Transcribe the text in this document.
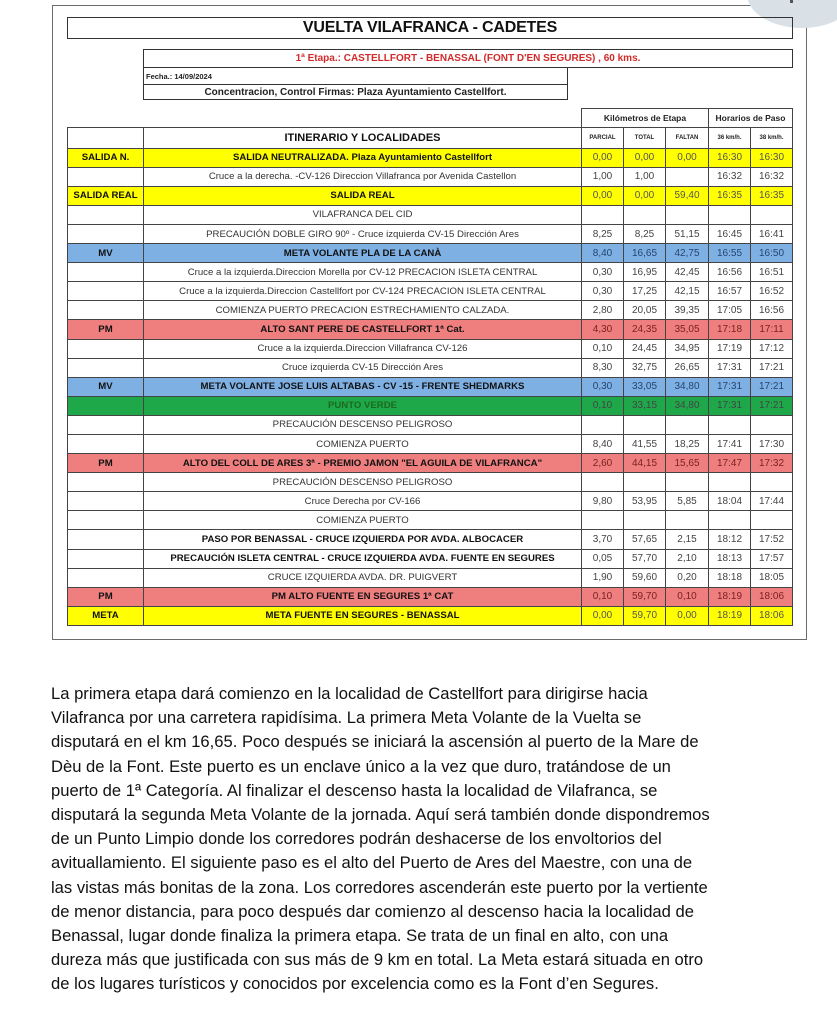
VUELTA VILAFRANCA - CADETES
1ª Etapa.: CASTELLFORT - BENASSAL (FONT D'EN SEGURES) , 60 kms.
Fecha.: 14/09/2024
Concentracion, Control Firmas: Plaza Ayuntamiento Castellfort.
		Kilómetros de Etapa			Horarios de Paso	
	ITINERARIO Y LOCALIDADES	PARCIAL	TOTAL	FALTAN	36 km/h.	38 km/h.
SALIDA N.	SALIDA NEUTRALIZADA. Plaza Ayuntamiento Castellfort	0,00	0,00	0,00	16:30	16:30
	Cruce a la derecha. -CV-126 Direccion Villafranca por Avenida Castellon	1,00	1,00		16:32	16:32
SALIDA REAL	SALIDA REAL	0,00	0,00	59,40	16:35	16:35
	VILAFRANCA DEL CID					
	PRECAUCIÓN DOBLE GIRO 90º - Cruce izquierda CV-15 Dirección Ares	8,25	8,25	51,15	16:45	16:41
MV	META VOLANTE PLA DE LA CANÀ	8,40	16,65	42,75	16:55	16:50
	Cruce a la izquierda.Direccion Morella por CV-12 PRECACION ISLETA CENTRAL	0,30	16,95	42,45	16:56	16:51
	Cruce a la izquierda.Direccion Castellfort por CV-124 PRECACION ISLETA CENTRAL	0,30	17,25	42,15	16:57	16:52
	COMIENZA PUERTO PRECACION ESTRECHAMIENTO CALZADA.	2,80	20,05	39,35	17:05	16:56
PM	ALTO SANT PERE DE CASTELLFORT 1ª Cat.	4,30	24,35	35,05	17:18	17:11
	Cruce a la izquierda.Direccion Villafranca CV-126	0,10	24,45	34,95	17:19	17:12
	Cruce izquierda CV-15 Dirección Ares	8,30	32,75	26,65	17:31	17:21
MV	META VOLANTE JOSE LUIS ALTABAS - CV -15 - FRENTE SHEDMARKS	0,30	33,05	34,80	17:31	17:21
	PUNTO VERDE	0,10	33,15	34,80	17:31	17:21
	PRECAUCIÓN DESCENSO PELIGROSO					
	COMIENZA PUERTO	8,40	41,55	18,25	17:41	17:30
PM	ALTO DEL COLL DE ARES 3ª - PREMIO JAMON "EL AGUILA DE VILAFRANCA"	2,60	44,15	15,65	17:47	17:32
	PRECAUCIÓN DESCENSO PELIGROSO					
	Cruce Derecha por CV-166	9,80	53,95	5,85	18:04	17:44
	COMIENZA PUERTO					
	PASO POR BENASSAL - CRUCE IZQUIERDA POR AVDA. ALBOCACER	3,70	57,65	2,15	18:12	17:52
	PRECAUCIÓN ISLETA CENTRAL - CRUCE IZQUIERDA AVDA. FUENTE EN SEGURES	0,05	57,70	2,10	18:13	17:57
	CRUCE IZQUIERDA AVDA. DR. PUIGVERT	1,90	59,60	0,20	18:18	18:05
PM	PM ALTO FUENTE EN SEGURES 1ª CAT	0,10	59,70	0,10	18:19	18:06
META	META FUENTE EN SEGURES - BENASSAL	0,00	59,70	0,00	18:19	18:06
La primera etapa dará comienzo en la localidad de Castellfort para dirigirse hacia
Vilafranca por una carretera rapidísima. La primera Meta Volante de la Vuelta se
disputará en el km 16,65. Poco después se iniciará la ascensión al puerto de la Mare de
Dèu de la Font. Este puerto es un enclave único a la vez que duro, tratándose de un
puerto de 1ª Categoría. Al finalizar el descenso hasta la localidad de Vilafranca, se
disputará la segunda Meta Volante de la jornada. Aquí será también donde dispondremos
de un Punto Limpio donde los corredores podrán deshacerse de los envoltorios del
avituallamiento. El siguiente paso es el alto del Puerto de Ares del Maestre, con una de
las vistas más bonitas de la zona. Los corredores ascenderán este puerto por la vertiente
de menor distancia, para poco después dar comienzo al descenso hacia la localidad de
Benassal, lugar donde finaliza la primera etapa. Se trata de un final en alto, con una
dureza más que justificada con sus más de 9 km en total. La Meta estará situada en otro
de los lugares turísticos y conocidos por excelencia como es la Font d’en Segures.
